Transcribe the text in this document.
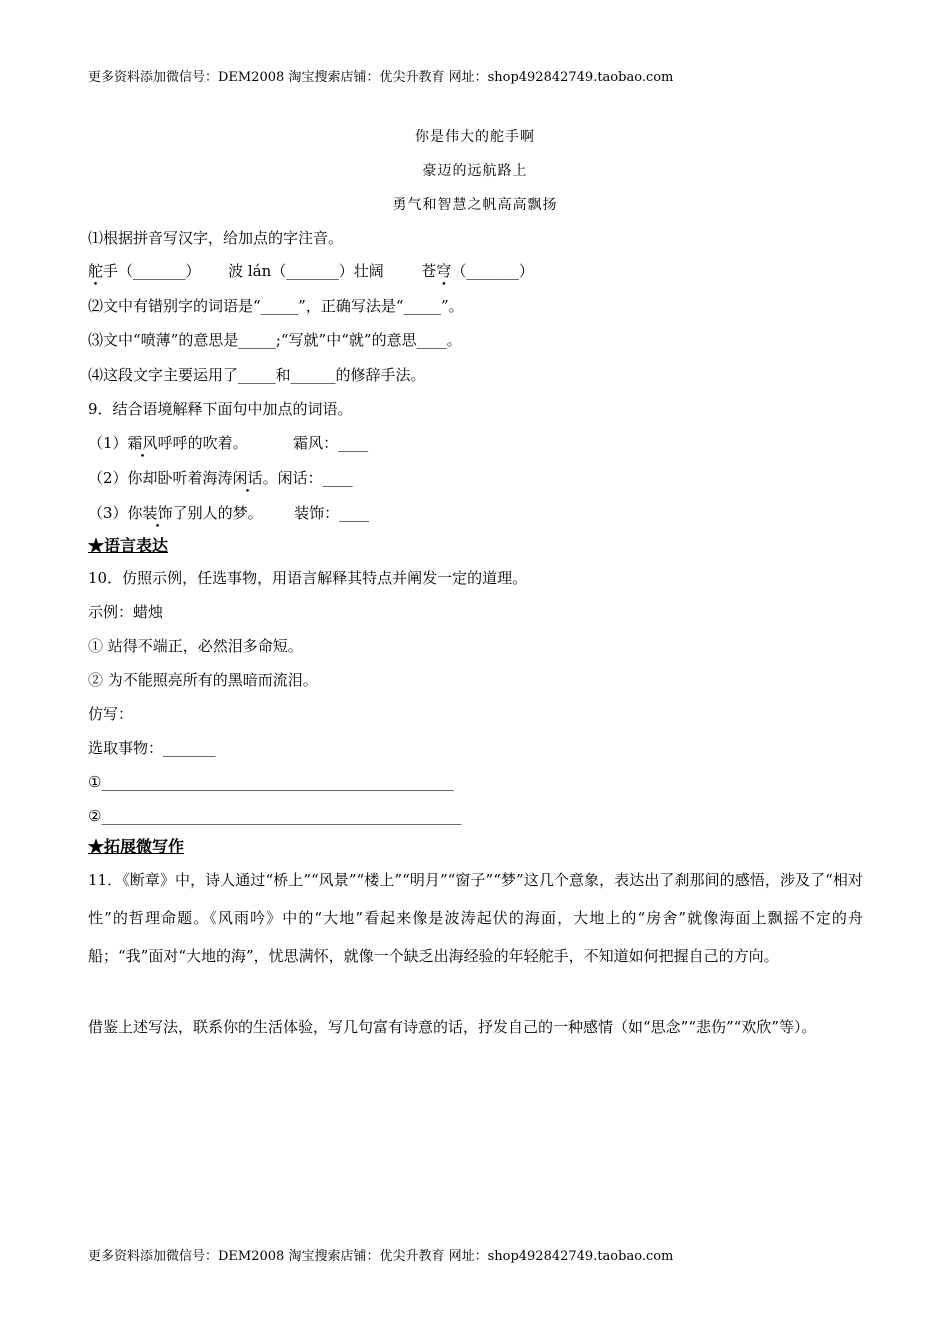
更多资料添加微信号：DEM2008 淘宝搜索店铺：优尖升教育 网址：shop492842749.taobao.com
你是伟大的舵手啊
豪迈的远航路上
勇气和智慧之帆高高飘扬
⑴根据拼音写汉字，给加点的字注音。
舵手（_______） 波 lán（_______）壮阔	苍穹（_______）
⑵文中有错别字的词语是“_____”，正确写法是“_____”。
⑶文中“喷薄”的意思是_____;“写就”中“就”的意思____。
⑷这段文字主要运用了_____和______的修辞手法。
9．结合语境解释下面句中加点的词语。
（1）霜风呼呼的吹着。	霜风：____
（2）你却卧听着海涛闲话。闲话：____
（3）你装饰了别人的梦。 装饰：____
★语言表达
10．仿照示例，任选事物，用语言解释其特点并阐发一定的道理。
示例：蜡烛
① 站得不端正，必然泪多命短。
② 为不能照亮所有的黑暗而流泪。
仿写：
选取事物：_______
①_______________________________________________
②________________________________________________
★拓展微写作
11．《断章》中，诗人通过“桥上”“风景”“楼上”“明月”“窗子”“梦”这几个意象，表达出了刹那间的感悟，涉及了“相对性”的哲理命题。《风雨吟》中的“大地”看起来像是波涛起伏的海面，大地上的“房舍”就像海面上飘摇不定的舟船；“我”面对“大地的海”，忧思满怀，就像一个缺乏出海经验的年轻舵手，不知道如何把握自己的方向。
借鉴上述写法，联系你的生活体验，写几句富有诗意的话，抒发自己的一种感情（如“思念”“悲伤”“欢欣”等）。
更多资料添加微信号：DEM2008 淘宝搜索店铺：优尖升教育 网址：shop492842749.taobao.com
